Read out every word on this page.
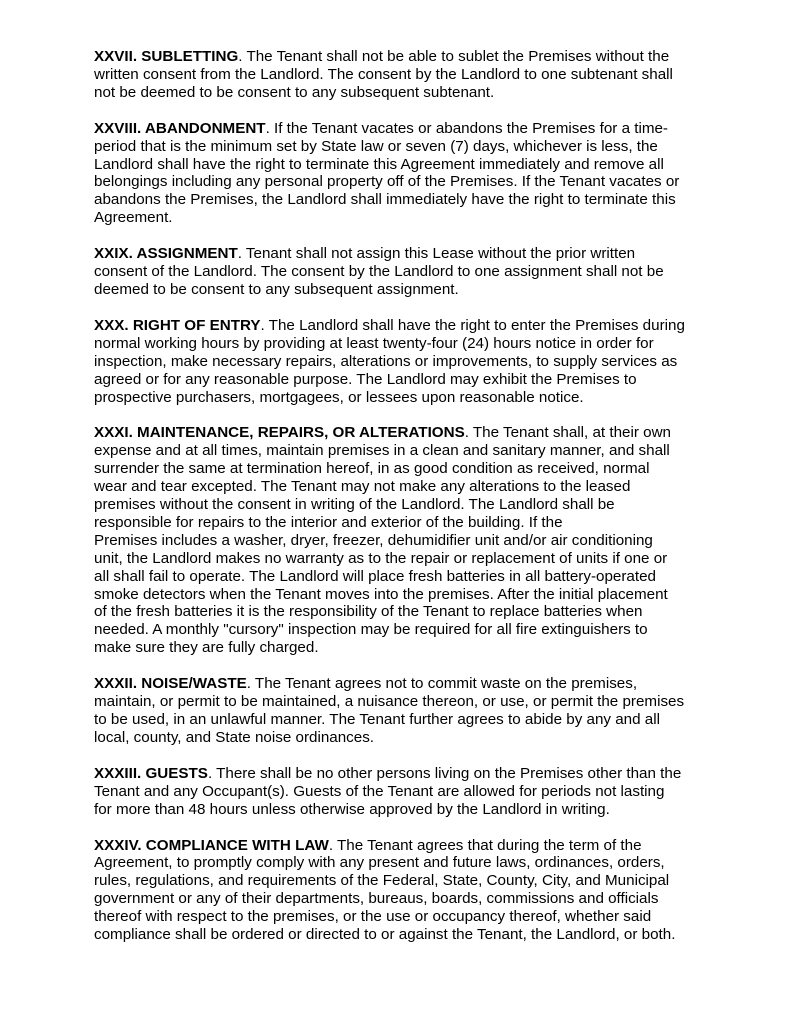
XXVII. SUBLETTING. The Tenant shall not be able to sublet the Premises without the
written consent from the Landlord. The consent by the Landlord to one subtenant shall
not be deemed to be consent to any subsequent subtenant.
XXVIII. ABANDONMENT. If the Tenant vacates or abandons the Premises for a time-
period that is the minimum set by State law or seven (7) days, whichever is less, the
Landlord shall have the right to terminate this Agreement immediately and remove all
belongings including any personal property off of the Premises. If the Tenant vacates or
abandons the Premises, the Landlord shall immediately have the right to terminate this
Agreement.
XXIX. ASSIGNMENT. Tenant shall not assign this Lease without the prior written
consent of the Landlord. The consent by the Landlord to one assignment shall not be
deemed to be consent to any subsequent assignment.
XXX. RIGHT OF ENTRY. The Landlord shall have the right to enter the Premises during
normal working hours by providing at least twenty-four (24) hours notice in order for
inspection, make necessary repairs, alterations or improvements, to supply services as
agreed or for any reasonable purpose. The Landlord may exhibit the Premises to
prospective purchasers, mortgagees, or lessees upon reasonable notice.
XXXI. MAINTENANCE, REPAIRS, OR ALTERATIONS. The Tenant shall, at their own
expense and at all times, maintain premises in a clean and sanitary manner, and shall
surrender the same at termination hereof, in as good condition as received, normal
wear and tear excepted. The Tenant may not make any alterations to the leased
premises without the consent in writing of the Landlord. The Landlord shall be
responsible for repairs to the interior and exterior of the building. If the
Premises includes a washer, dryer, freezer, dehumidifier unit and/or air conditioning
unit, the Landlord makes no warranty as to the repair or replacement of units if one or
all shall fail to operate. The Landlord will place fresh batteries in all battery-operated
smoke detectors when the Tenant moves into the premises. After the initial placement
of the fresh batteries it is the responsibility of the Tenant to replace batteries when
needed. A monthly "cursory" inspection may be required for all fire extinguishers to
make sure they are fully charged.
XXXII. NOISE/WASTE. The Tenant agrees not to commit waste on the premises,
maintain, or permit to be maintained, a nuisance thereon, or use, or permit the premises
to be used, in an unlawful manner. The Tenant further agrees to abide by any and all
local, county, and State noise ordinances.
XXXIII. GUESTS. There shall be no other persons living on the Premises other than the
Tenant and any Occupant(s). Guests of the Tenant are allowed for periods not lasting
for more than 48 hours unless otherwise approved by the Landlord in writing.
XXXIV. COMPLIANCE WITH LAW. The Tenant agrees that during the term of the
Agreement, to promptly comply with any present and future laws, ordinances, orders,
rules, regulations, and requirements of the Federal, State, County, City, and Municipal
government or any of their departments, bureaus, boards, commissions and officials
thereof with respect to the premises, or the use or occupancy thereof, whether said
compliance shall be ordered or directed to or against the Tenant, the Landlord, or both.
